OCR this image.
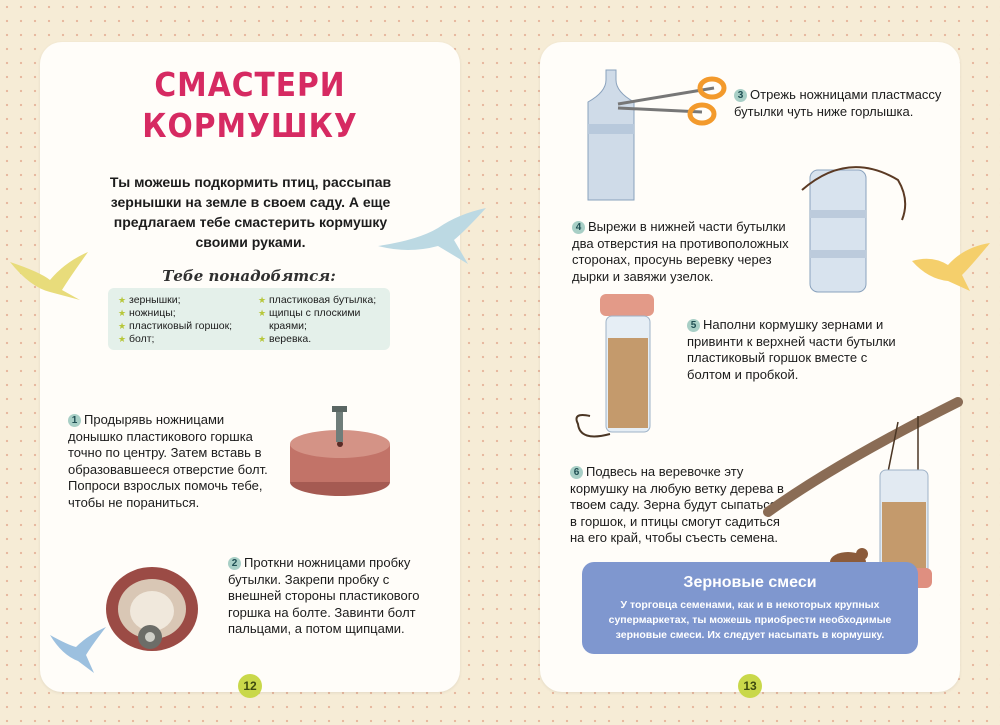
СМАСТЕРИ
КОРМУШКУ
Ты можешь подкормить птиц, рассыпав зернышки на земле в своем саду. А еще предлагаем тебе смастерить кормушку своими руками.
Тебе понадобятся:
★ зернышки;
★ ножницы;
★ пластиковый горшок;
★ болт;
★ пластиковая бутылка;
★ щипцы с плоскими краями;
★ веревка.
1 Продырявь ножницами донышко пластикового горшка точно по центру. Затем вставь в образовавшееся отверстие болт. Попроси взрослых помочь тебе, чтобы не пораниться.
2 Проткни ножницами пробку бутылки. Закрепи пробку с внешней стороны пластикового горшка на болте. Завинти болт пальцами, а потом щипцами.
12
3 Отрежь ножницами пластмассу бутылки чуть ниже горлышка.
4 Вырежи в нижней части бутылки два отверстия на противоположных сторонах, просунь веревку через дырки и завяжи узелок.
5 Наполни кормушку зернами и привинти к верхней части бутылки пластиковый горшок вместе с болтом и пробкой.
6 Подвесь на веревочке эту кормушку на любую ветку дерева в твоем саду. Зерна будут сыпаться в горшок, и птицы смогут садиться на его край, чтобы съесть семена.
Зерновые смеси
У торговца семенами, как и в некоторых крупных супермаркетах, ты можешь приобрести необходимые зерновые смеси. Их следует насыпать в кормушку.
13
